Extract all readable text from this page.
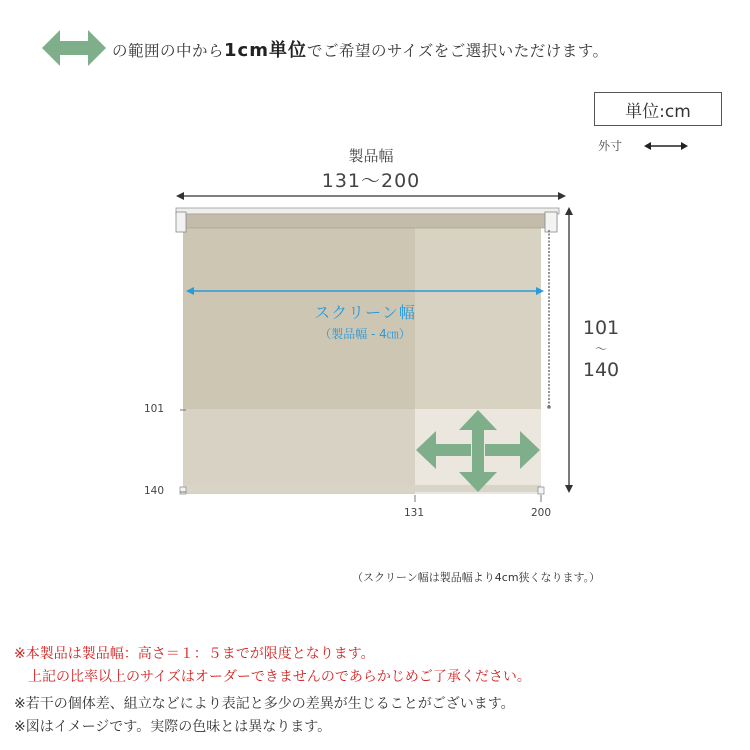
の範囲の中から1cm単位でご希望のサイズをご選択いただけます。
単位:cm
外寸
製品幅
131〜200
スクリーン幅
（製品幅 - 4㎝）	101
〜
140
101
140
131	200
（スクリーン幅は製品幅より4cm狭くなります。）
※本製品は製品幅：高さ＝１：５までが限度となります。
　上記の比率以上のサイズはオーダーできませんのであらかじめご了承ください。
※若干の個体差、組立などにより表記と多少の差異が生じることがございます。
※図はイメージです。実際の色味とは異なります。
